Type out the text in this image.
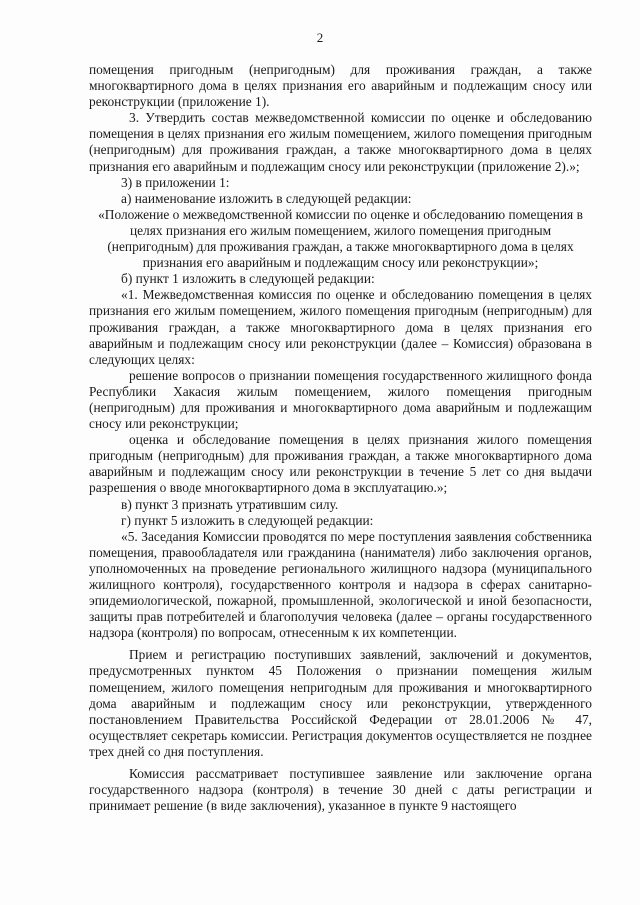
2

помещения пригодным (непригодным) для проживания граждан, а также многоквартирного дома в целях признания его аварийным и подлежащим сносу или реконструкции (приложение 1).

3. Утвердить состав межведомственной комиссии по оценке и обследованию помещения в целях признания его жилым помещением, жилого помещения пригодным (непригодным) для проживания граждан, а также многоквартирного дома в целях признания его аварийным и подлежащим сносу или реконструкции (приложение 2).»;

3) в приложении 1:

а) наименование изложить в следующей редакции:

«Положение о межведомственной комиссии по оценке и обследованию помещения в целях признания его жилым помещением, жилого помещения пригодным (непригодным) для проживания граждан, а также многоквартирного дома в целях признания его аварийным и подлежащим сносу или реконструкции»;

б) пункт 1 изложить в следующей редакции:

«1. Межведомственная комиссия по оценке и обследованию помещения в целях признания его жилым помещением, жилого помещения пригодным (непригодным) для проживания граждан, а также многоквартирного дома в целях признания его аварийным и подлежащим сносу или реконструкции (далее – Комиссия) образована в следующих целях:

решение вопросов о признании помещения государственного жилищного фонда Республики Хакасия жилым помещением, жилого помещения пригодным (непригодным) для проживания и многоквартирного дома аварийным и подлежащим сносу или реконструкции;

оценка и обследование помещения в целях признания жилого помещения пригодным (непригодным) для проживания граждан, а также многоквартирного дома аварийным и подлежащим сносу или реконструкции в течение 5 лет со дня выдачи разрешения о вводе многоквартирного дома в эксплуатацию.»;

в) пункт 3 признать утратившим силу.

г) пункт 5 изложить в следующей редакции:

«5. Заседания Комиссии проводятся по мере поступления заявления собственника помещения, правообладателя или гражданина (нанимателя) либо заключения органов, уполномоченных на проведение регионального жилищного надзора (муниципального жилищного контроля), государственного контроля и надзора в сферах санитарно-эпидемиологической, пожарной, промышленной, экологической и иной безопасности, защиты прав потребителей и благополучия человека (далее – органы государственного надзора (контроля) по вопросам, отнесенным к их компетенции.

Прием и регистрацию поступивших заявлений, заключений и документов, предусмотренных пунктом 45 Положения о признании помещения жилым помещением, жилого помещения непригодным для проживания и многоквартирного дома аварийным и подлежащим сносу или реконструкции, утвержденного постановлением Правительства Российской Федерации от 28.01.2006 № 47, осуществляет секретарь комиссии. Регистрация документов осуществляется не позднее трех дней со дня поступления.

Комиссия рассматривает поступившее заявление или заключение органа государственного надзора (контроля) в течение 30 дней с даты регистрации и принимает решение (в виде заключения), указанное в пункте 9 настоящего
